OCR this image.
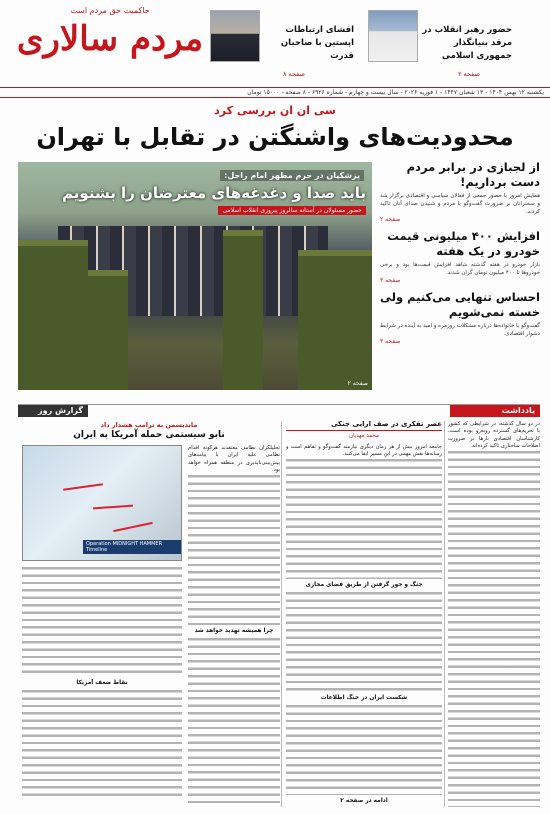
حاکمیت حق مردم است
مردم سالاری	حضور رهبر انقلاب در مرقد بنیانگذار جمهوری اسلامی
صفحه ۲
افشای ارتباطات اپستین با صاحبان قدرت
صفحه ۸
یکشنبه ۱۲ بهمن ۱۴۰۴ - ۱۳ شعبان ۱۴۴۷ - ۱ فوریه ۲۰۲۶ - سال بیست و چهارم - شماره ۶۹۲۶ - ۸ صفحه - ۱۵۰۰۰ تومان
سی ان ان بررسی کرد
محدودیت‌های واشنگتن در تقابل با تهران
پزشکیان در حرم مطهر امام راحل:
باید صدا و دغدغه‌های معترضان را بشنویم
حضور مسئولان در آستانه سالروز پیروزی انقلاب اسلامی
صفحه ۲
از لجبازی در برابر مردم دست برداریم!

همایش امروز با حضور جمعی از فعالان سیاسی و اقتصادی برگزار شد و سخنرانان بر ضرورت گفت‌وگو با مردم و شنیدن صدای آنان تاکید کردند.

صفحه ۲
افزایش ۴۰۰ میلیونی قیمت خودرو در یک هفته

بازار خودرو در هفته گذشته شاهد افزایش قیمت‌ها بود و برخی خودروها تا ۴۰۰ میلیون تومان گران شدند.

صفحه ۳
احساس تنهایی می‌کنیم ولی خسته نمی‌شویم

گفت‌وگو با خانواده‌ها درباره مشکلات روزمره و امید به آینده در شرایط دشوار اقتصادی.

صفحه ۳
یادداشت
گزارش روز
در دو سال گذشته، در شرایطی که کشور با تحریم‌های گسترده روبه‌رو بوده است، کارشناسان اقتصادی بارها بر ضرورت اصلاحات ساختاری تاکید کرده‌اند.
عصر تفکری در صف آرایی جنگی
محمد مهدیان
جامعه امروز بیش از هر زمان دیگری نیازمند گفت‌وگو و تفاهم است و رسانه‌ها نقش مهمی در این مسیر ایفا می‌کنند.
جنگ و جور گرفتن از طریق فضای مجازی
شکست ایران در جنگ اطلاعات
ادامه در صفحه ۲
ماندیسمن به ترامپ هشدار داد
نابو سیستمی حمله آمریکا به ایران
Operation MIDNIGHT HAMMER Timeline
تحلیلگران نظامی معتقدند هرگونه اقدام نظامی علیه ایران با پیامدهای پیش‌بینی‌ناپذیری در منطقه همراه خواهد بود.
چرا همیشه تهدید خواهد شد
نقاط ضعف آمریکا
